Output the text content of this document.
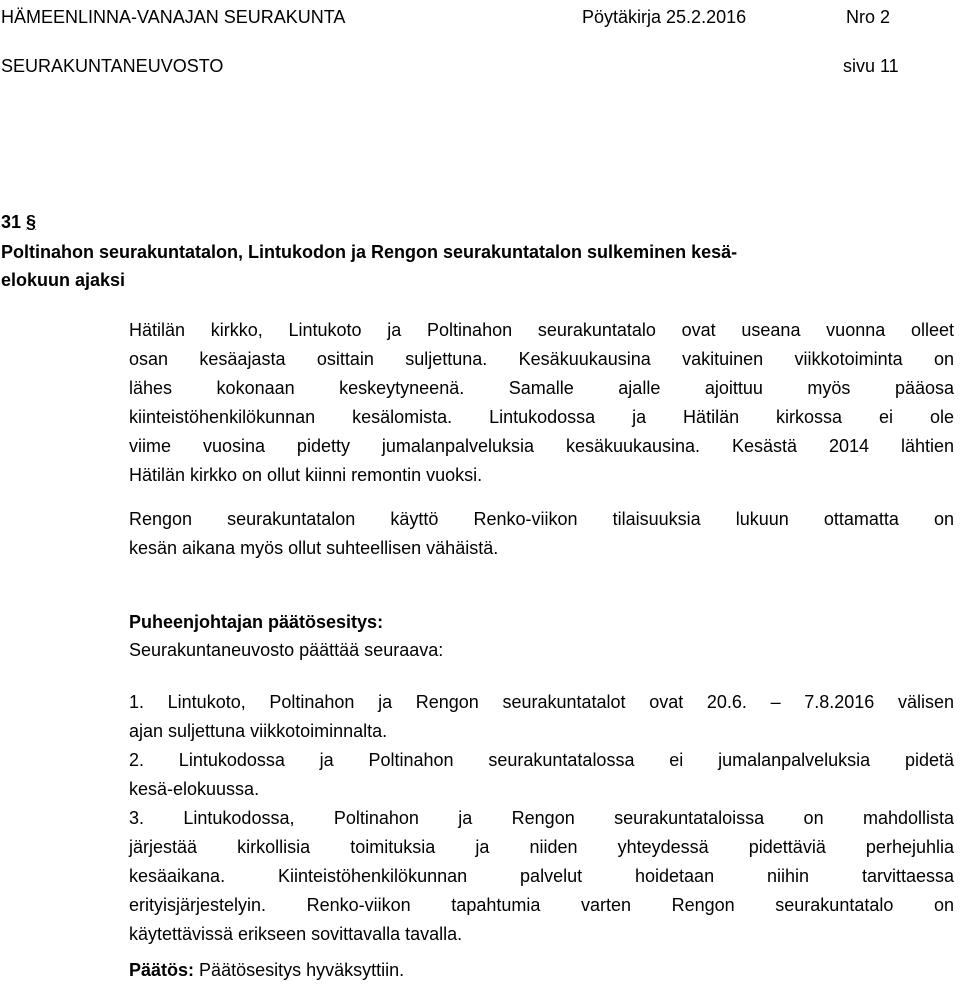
HÄMEENLINNA-VANAJAN SEURAKUNTA	Pöytäkirja 25.2.2016	Nro 2
SEURAKUNTANEUVOSTO	sivu 11
31 §
Poltinahon seurakuntatalon, Lintukodon ja Rengon seurakuntatalon sulkeminen kesä-
elokuun ajaksi
Hätilän kirkko, Lintukoto ja Poltinahon seurakuntatalo ovat useana vuonna olleet
osan kesäajasta osittain suljettuna. Kesäkuukausina vakituinen viikkotoiminta on
lähes kokonaan keskeytyneenä. Samalle ajalle ajoittuu myös pääosa
kiinteistöhenkilökunnan kesälomista. Lintukodossa ja Hätilän kirkossa ei ole
viime vuosina pidetty jumalanpalveluksia kesäkuukausina. Kesästä 2014 lähtien
Hätilän kirkko on ollut kiinni remontin vuoksi.
Rengon seurakuntatalon käyttö Renko-viikon tilaisuuksia lukuun ottamatta on
kesän aikana myös ollut suhteellisen vähäistä.
Puheenjohtajan päätösesitys:
Seurakuntaneuvosto päättää seuraava:
1. Lintukoto, Poltinahon ja Rengon seurakuntatalot ovat 20.6. – 7.8.2016 välisen
ajan suljettuna viikkotoiminnalta.
2. Lintukodossa ja Poltinahon seurakuntatalossa ei jumalanpalveluksia pidetä
kesä-elokuussa.
3. Lintukodossa, Poltinahon ja Rengon seurakuntataloissa on mahdollista
järjestää kirkollisia toimituksia ja niiden yhteydessä pidettäviä perhejuhlia
kesäaikana. Kiinteistöhenkilökunnan palvelut hoidetaan niihin tarvittaessa
erityisjärjestelyin. Renko-viikon tapahtumia varten Rengon seurakuntatalo on
käytettävissä erikseen sovittavalla tavalla.
Päätös: Päätösesitys hyväksyttiin.
